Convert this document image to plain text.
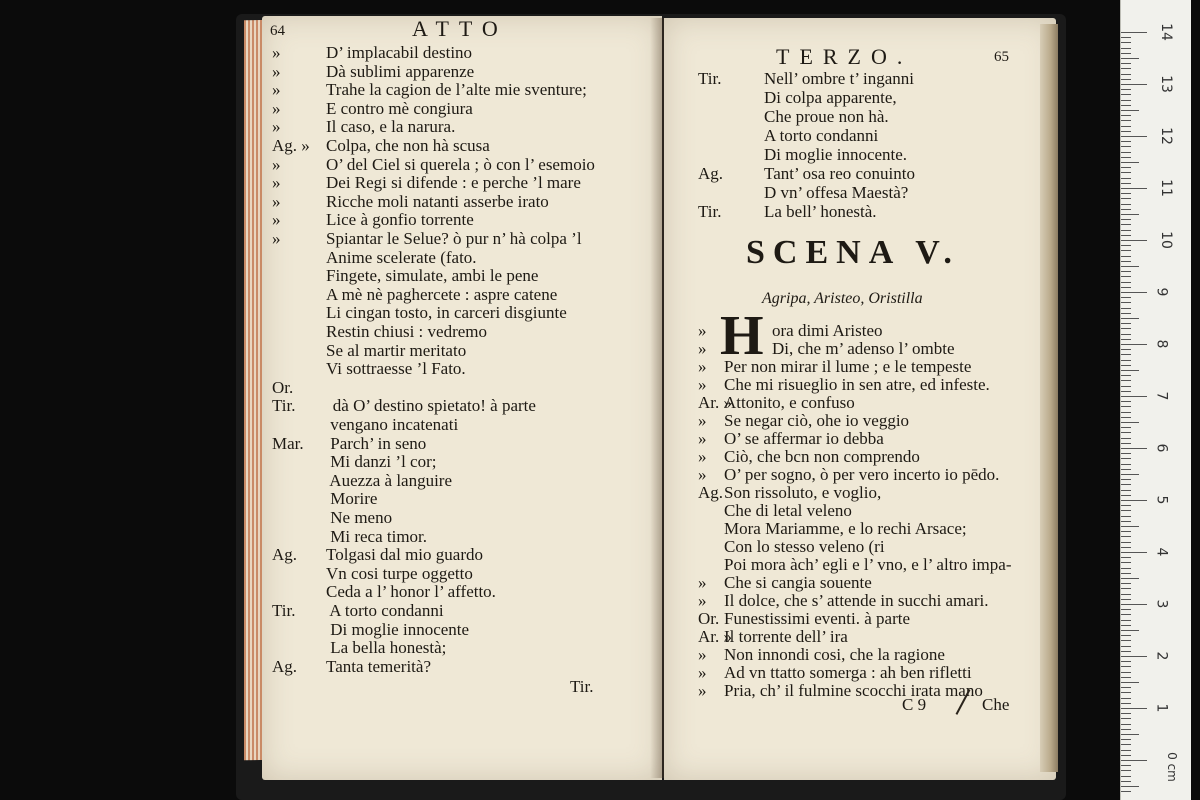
64	ATTO
»	D’ implacabil destino
»	Dà sublimi apparenze
»	Trahe la cagion de l’alte mie sventure;
»	E contro mè congiura
»	Il caso, e la narura.
Ag. » Colpa, che non hà scusa
»	O’ del Ciel si querela ; ò con l’ esemoio
»	Dei Regi si difende : e perche ’l mare
»	Ricche moli natanti asserbe irato
»	Lice à gonfio torrente
»	Spiantar le Selue? ò pur n’ hà colpa ’l
Anime scelerate (fato.
Fingete, simulate, ambi le pene
A mè nè paghercete : aspre catene
Li cingan tosto, in carceri disgiunte
Restin chiusi : vedremo
Se al martir meritato
Vi sottraesse ’l Fato.
Or.
Tir.  dà O’ destino spietato! à parte
vengano incatenati
Mar. Parch’ in seno
Mi danzi ’l cor;
Auezza à languire
Morire
Ne meno
Mi reca timor.
Ag. Tolgasi dal mio guardo
Vn cosi turpe oggetto
Ceda a l’ honor l’ affetto.
Tir. A torto condanni
Di moglie innocente
La bella honestà;
Ag. Tanta temerità?
Tir.
TERZO.	65
Tir.	Nell’ ombre t’ inganni
Di colpa apparente,
Che proue non hà.
A torto condanni
Di moglie innocente.
Ag. Tant’ osa reo conuinto
D vn’ offesa Maestà?
Tir.	La bell’ honestà.
SCENA V.
Agripa, Aristeo, Oristilla
H
»	ora dimi Aristeo
»	Di, che m’ adenso l’ ombte
» Per non mirar il lume ; e le tempeste
» Che mi risueglio in sen atre, ed infeste.
Ar. »Attonito, e confuso
» Se negar ciò, ohe io veggio
» O’ se affermar io debba
» Ciò, che bcn non comprendo
» O’ per sogno, ò per vero incerto io pēdo.
Ag.Son rissoluto, e voglio,
Che di letal veleno
Mora Mariamme, e lo rechi Arsace;
Con lo stesso veleno (ri
Poi mora àch’ egli e l’ vno, e l’ altro impa-
» Che si cangia souente
» Il dolce, che s’ attende in succhi amari.
Or. Funestissimi eventi. à parte
Ar. »Il torrente dell’ ira
» Non innondi cosi, che la ragione
» Ad vn ttatto somerga : ah ben rifletti
» Pria, ch’ il fulmine scocchi irata mano
C 9	Che
0 cm
14
13
12
11
10
9
8
7
6
5
4
3
2
1
